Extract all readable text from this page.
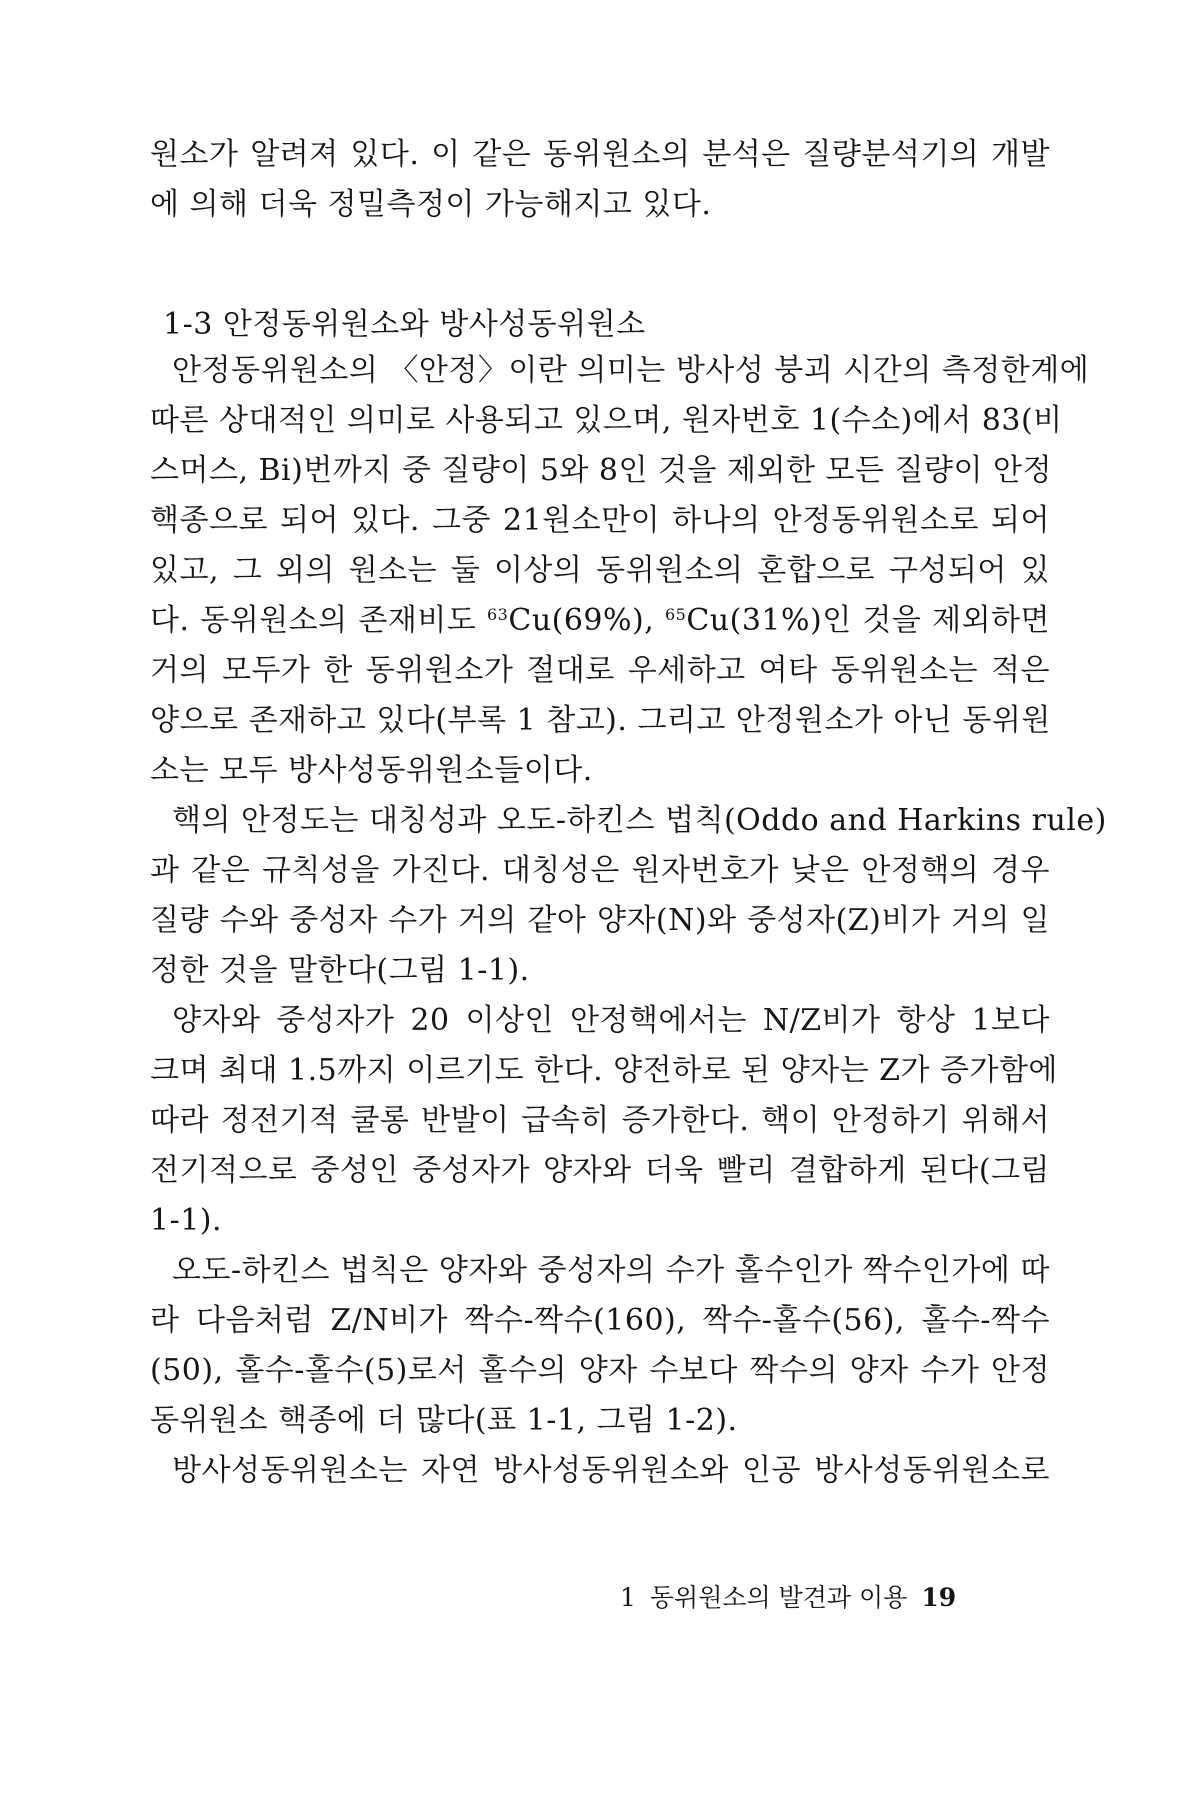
원소가 알려져 있다. 이 같은 동위원소의 분석은 질량분석기의 개발
에 의해 더욱 정밀측정이 가능해지고 있다.
1-3 안정동위원소와 방사성동위원소
안정동위원소의 〈안정〉이란 의미는 방사성 붕괴 시간의 측정한계에
따른 상대적인 의미로 사용되고 있으며, 원자번호 1(수소)에서 83(비
스머스, Bi)번까지 중 질량이 5와 8인 것을 제외한 모든 질량이 안정
핵종으로 되어 있다. 그중 21원소만이 하나의 안정동위원소로 되어
있고, 그 외의 원소는 둘 이상의 동위원소의 혼합으로 구성되어 있
다. 동위원소의 존재비도 $^{63}$Cu(69%), $^{65}$Cu(31%)인 것을 제외하면
거의 모두가 한 동위원소가 절대로 우세하고 여타 동위원소는 적은
양으로 존재하고 있다(부록 1 참고). 그리고 안정원소가 아닌 동위원
소는 모두 방사성동위원소들이다.
핵의 안정도는 대칭성과 오도-하킨스 법칙(Oddo and Harkins rule)
과 같은 규칙성을 가진다. 대칭성은 원자번호가 낮은 안정핵의 경우
질량 수와 중성자 수가 거의 같아 양자(N)와 중성자(Z)비가 거의 일
정한 것을 말한다(그림 1-1).
양자와 중성자가 20 이상인 안정핵에서는 N/Z비가 항상 1보다
크며 최대 1.5까지 이르기도 한다. 양전하로 된 양자는 Z가 증가함에
따라 정전기적 쿨롱 반발이 급속히 증가한다. 핵이 안정하기 위해서
전기적으로 중성인 중성자가 양자와 더욱 빨리 결합하게 된다(그림
1-1).
오도-하킨스 법칙은 양자와 중성자의 수가 홀수인가 짝수인가에 따
라 다음처럼 Z/N비가 짝수-짝수(160), 짝수-홀수(56), 홀수-짝수
(50), 홀수-홀수(5)로서 홀수의 양자 수보다 짝수의 양자 수가 안정
동위원소 핵종에 더 많다(표 1-1, 그림 1-2).
방사성동위원소는 자연 방사성동위원소와 인공 방사성동위원소로
1 동위원소의 발견과 이용 19
